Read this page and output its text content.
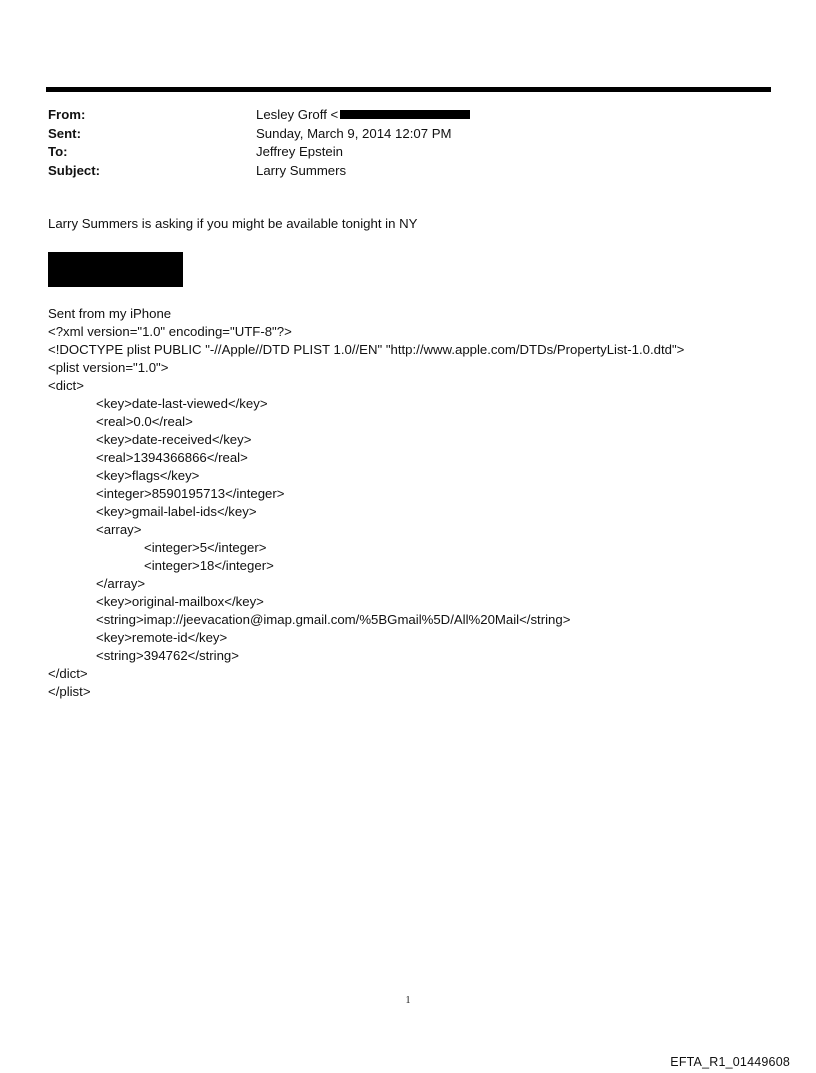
From:	Lesley Groff <
Sent:	Sunday, March 9, 2014 12:07 PM
To:	Jeffrey Epstein
Subject:	Larry Summers
Larry Summers is asking if you might be available tonight in NY
Sent from my iPhone
<?xml version="1.0" encoding="UTF-8"?>
<!DOCTYPE plist PUBLIC "-//Apple//DTD PLIST 1.0//EN" "http://www.apple.com/DTDs/PropertyList-1.0.dtd">
<plist version="1.0">
<dict>
<key>date-last-viewed</key>
<real>0.0</real>
<key>date-received</key>
<real>1394366866</real>
<key>flags</key>
<integer>8590195713</integer>
<key>gmail-label-ids</key>
<array>
<integer>5</integer>
<integer>18</integer>
</array>
<key>original-mailbox</key>
<string>imap://jeevacation@imap.gmail.com/%5BGmail%5D/All%20Mail</string>
<key>remote-id</key>
<string>394762</string>
</dict>
</plist>
1
EFTA_R1_01449608
